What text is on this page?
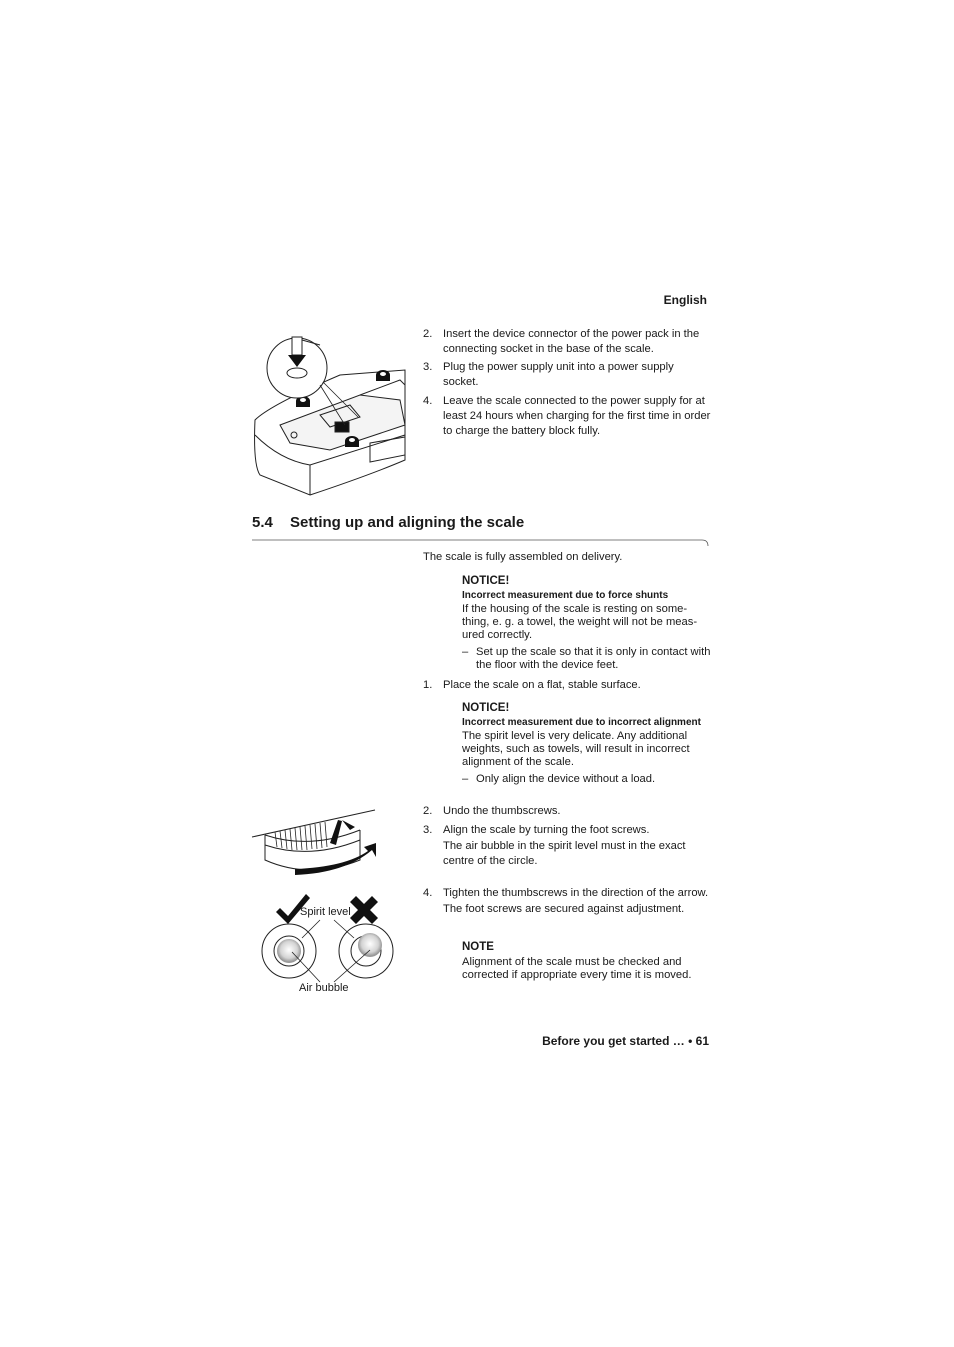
English
2. Insert the device connector of the power pack in the connecting socket in the base of the scale.
3. Plug the power supply unit into a power supply socket.
4. Leave the scale connected to the power supply for at least 24 hours when charging for the first time in order to charge the battery block fully.
5.4 Setting up and aligning the scale
The scale is fully assembled on delivery.
NOTICE!
Incorrect measurement due to force shunts
If the housing of the scale is resting on some-thing, e. g. a towel, the weight will not be meas-ured correctly.
– Set up the scale so that it is only in contact with the floor with the device feet.
1. Place the scale on a flat, stable surface.
NOTICE!
Incorrect measurement due to incorrect alignment
The spirit level is very delicate. Any additional weights, such as towels, will result in incorrect alignment of the scale.
– Only align the device without a load.
2. Undo the thumbscrews.
3. Align the scale by turning the foot screws.
The air bubble in the spirit level must in the exact centre of the circle.
4. Tighten the thumbscrews in the direction of the arrow.
The foot screws are secured against adjustment.
NOTE
Alignment of the scale must be checked and corrected if appropriate every time it is moved.
Spirit level
Air bubble
Before you get started … • 61
